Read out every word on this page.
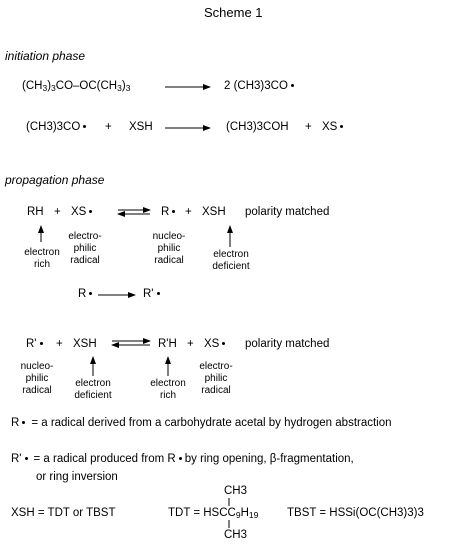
Scheme 1
initiation phase
$(CH_3)_3CO-OC(CH_3)_3$	2 (CH3)3CO
(CH3)3CO	+ XSH	(CH3)3COH + XS
propagation phase
RH + XS	R	+ XSH polarity matched
electron
rich
electro-
philic
radical
nucleo-
philic
radical
electron
deficient
R	R'
R'	+ XSH	R'H + XS	polarity matched
nucleo-
philic
radical
electron
deficient
electron
rich
electro-
philic
radical
R = a radical derived from a carbohydrate acetal by hydrogen abstraction
R' = a radical produced from R by ring opening, β-fragmentation,
or ring inversion
XSH = TDT or TBST
CH3
TDT = HSCC9H19
CH3
TBST = HSSi(OC(CH3)3)3
